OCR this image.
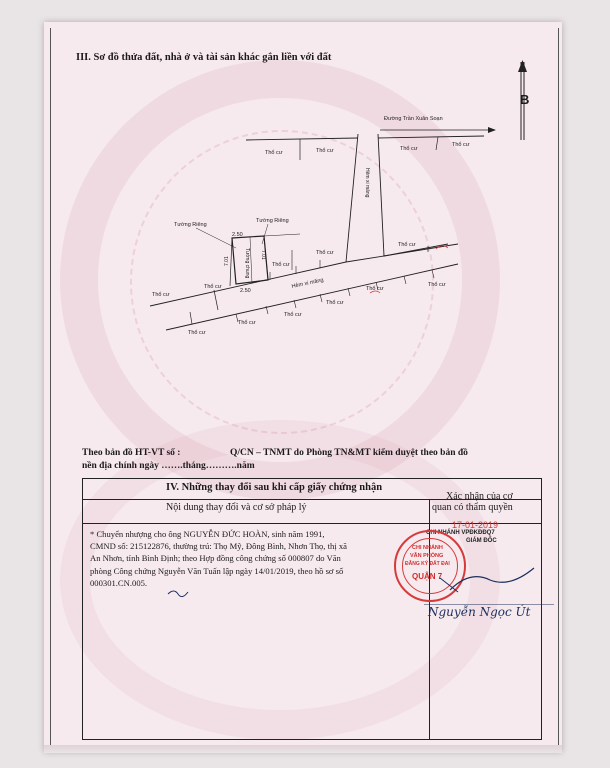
III. Sơ đồ thửa đất, nhà ở và tài sản khác gắn liền với đất
Đường Trần Xuân Soạn
Thổ cư	Thổ cư	Thổ cư
Thổ cư
Hẻm xi măng
Tường Riêng
Tường Riêng
2.50
2.50
7.01
7.01
Tường chung	Thổ cư
Thổ cư
Thổ cư
Thổ cư
Thổ cư	Hẻm xi măng	Thổ cư
Thổ cư
Thổ cư
Thổ cư
Thổ cư
Thổ cư
B
Theo bản đồ HT-VT số :	Q/CN – TNMT do Phòng TN&MT kiểm duyệt theo bản đồ
nền địa chính ngày …….tháng……….năm
IV. Những thay đổi sau khi cấp giấy chứng nhận
Nội dung thay đổi và cơ sở pháp lý
Xác nhận của cơ
quan có thẩm quyền
* Chuyển nhượng cho ông NGUYỄN ĐỨC HOÀN, sinh năm 1991,
CMND số: 215122876, thường trú: Thọ Mỹ, Đông Bình, Nhơn Thọ, thị xã
An Nhơn, tỉnh Bình Định; theo Hợp đồng công chứng số 000807 do Văn
phòng Công chứng Nguyễn Văn Tuấn lập ngày 14/01/2019, theo hồ sơ số
000301.CN.005.
17-01-2019
CHI NHÁNH VPĐKĐĐQ7
GIÁM ĐỐC
CHI NHÁNH
VĂN PHÒNG
ĐĂNG KÝ ĐẤT ĐAI
QUẬN 7
Nguyễn Ngọc Út
